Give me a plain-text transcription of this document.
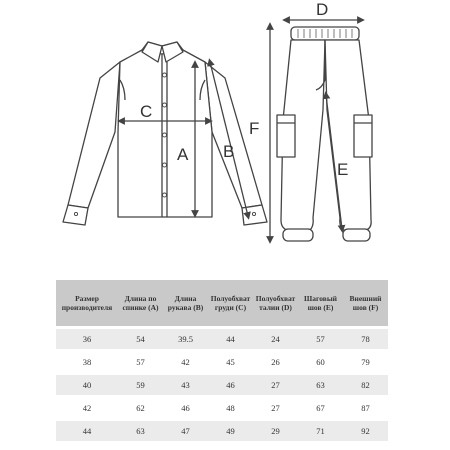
C
A B
D
F
E
Размер производителя	Длина по спинке (A)	Длина рукава (B)	Полуобхват груди (C)	Полуобхват талии (D)	Шаговый шов (E)	Внешний шов (F)
36	54	39.5	44	24	57	78
38	57	42	45	26	60	79
40	59	43	46	27	63	82
42	62	46	48	27	67	87
44	63	47	49	29	71	92
